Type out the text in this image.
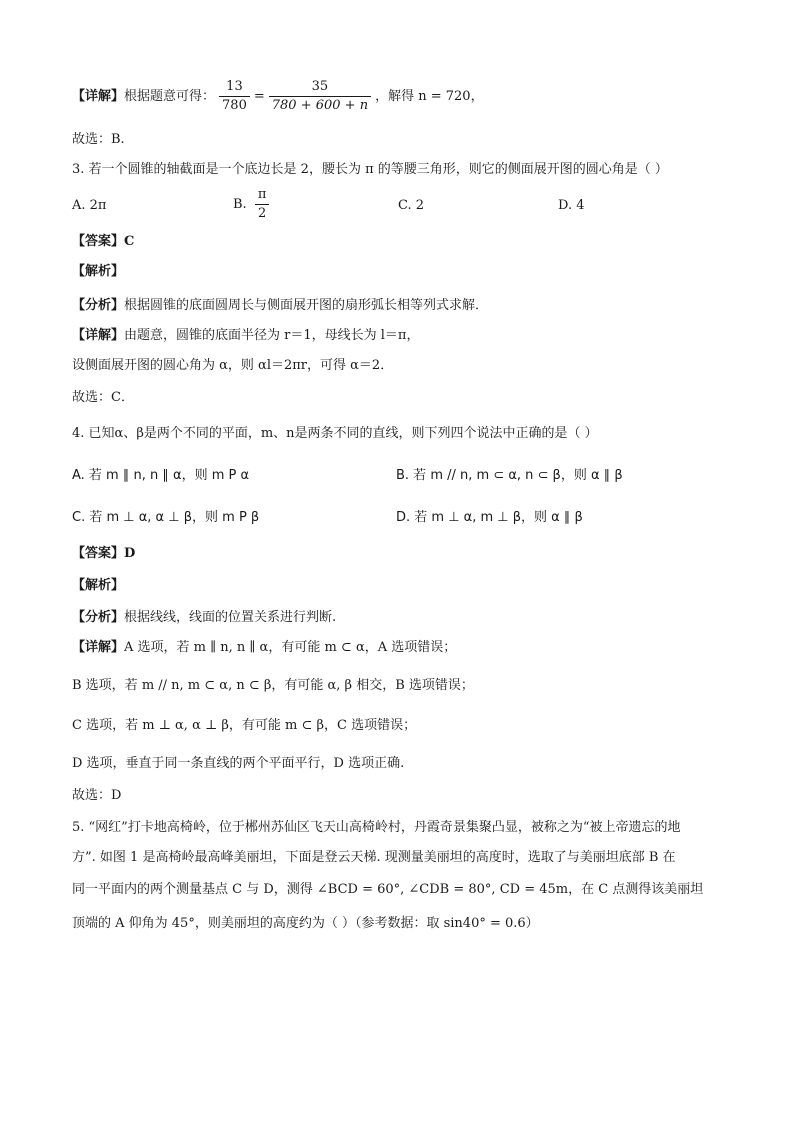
【详解】根据题意可得： $\frac{13}{780} = \frac{35}{780 + 600 + n}$ ，解得 n = 720，
故选：B.
3. 若一个圆锥的轴截面是一个底边长是 2，腰长为 π 的等腰三角形，则它的侧面展开图的圆心角是（ ）
A. 2π	B. $\frac{\pi}{2}$	C. 2	D. 4
【答案】C
【解析】
【分析】根据圆锥的底面圆周长与侧面展开图的扇形弧长相等列式求解．
【详解】由题意，圆锥的底面半径为 r＝1，母线长为 l＝π，
设侧面展开图的圆心角为 α，则 αl＝2πr，可得 α＝2．
故选：C．
4. 已知α、β是两个不同的平面，m、n是两条不同的直线，则下列四个说法中正确的是（ ）
A. 若 m ∥ n, n ∥ α，则 m P α	B. 若 m // n, m ⊂ α, n ⊂ β，则 α ∥ β
C. 若 m ⊥ α, α ⊥ β，则 m P β	D. 若 m ⊥ α, m ⊥ β，则 α ∥ β
【答案】D
【解析】
【分析】根据线线，线面的位置关系进行判断.
【详解】A 选项，若 m ∥ n, n ∥ α，有可能 m ⊂ α，A 选项错误；
B 选项，若 m // n, m ⊂ α, n ⊂ β，有可能 α, β 相交，B 选项错误；
C 选项，若 m ⊥ α, α ⊥ β，有可能 m ⊂ β，C 选项错误；
D 选项，垂直于同一条直线的两个平面平行，D 选项正确.
故选：D
5. “网红”打卡地高椅岭，位于郴州苏仙区飞天山高椅岭村，丹霞奇景集聚凸显，被称之为“被上帝遗忘的地
方”. 如图 1 是高椅岭最高峰美丽坦，下面是登云天梯. 现测量美丽坦的高度时，选取了与美丽坦底部 B 在
同一平面内的两个测量基点 C 与 D，测得 ∠BCD = 60°, ∠CDB = 80°, CD = 45m，在 C 点测得该美丽坦
顶端的 A 仰角为 45°，则美丽坦的高度约为（ ）（参考数据：取 sin40° = 0.6）
